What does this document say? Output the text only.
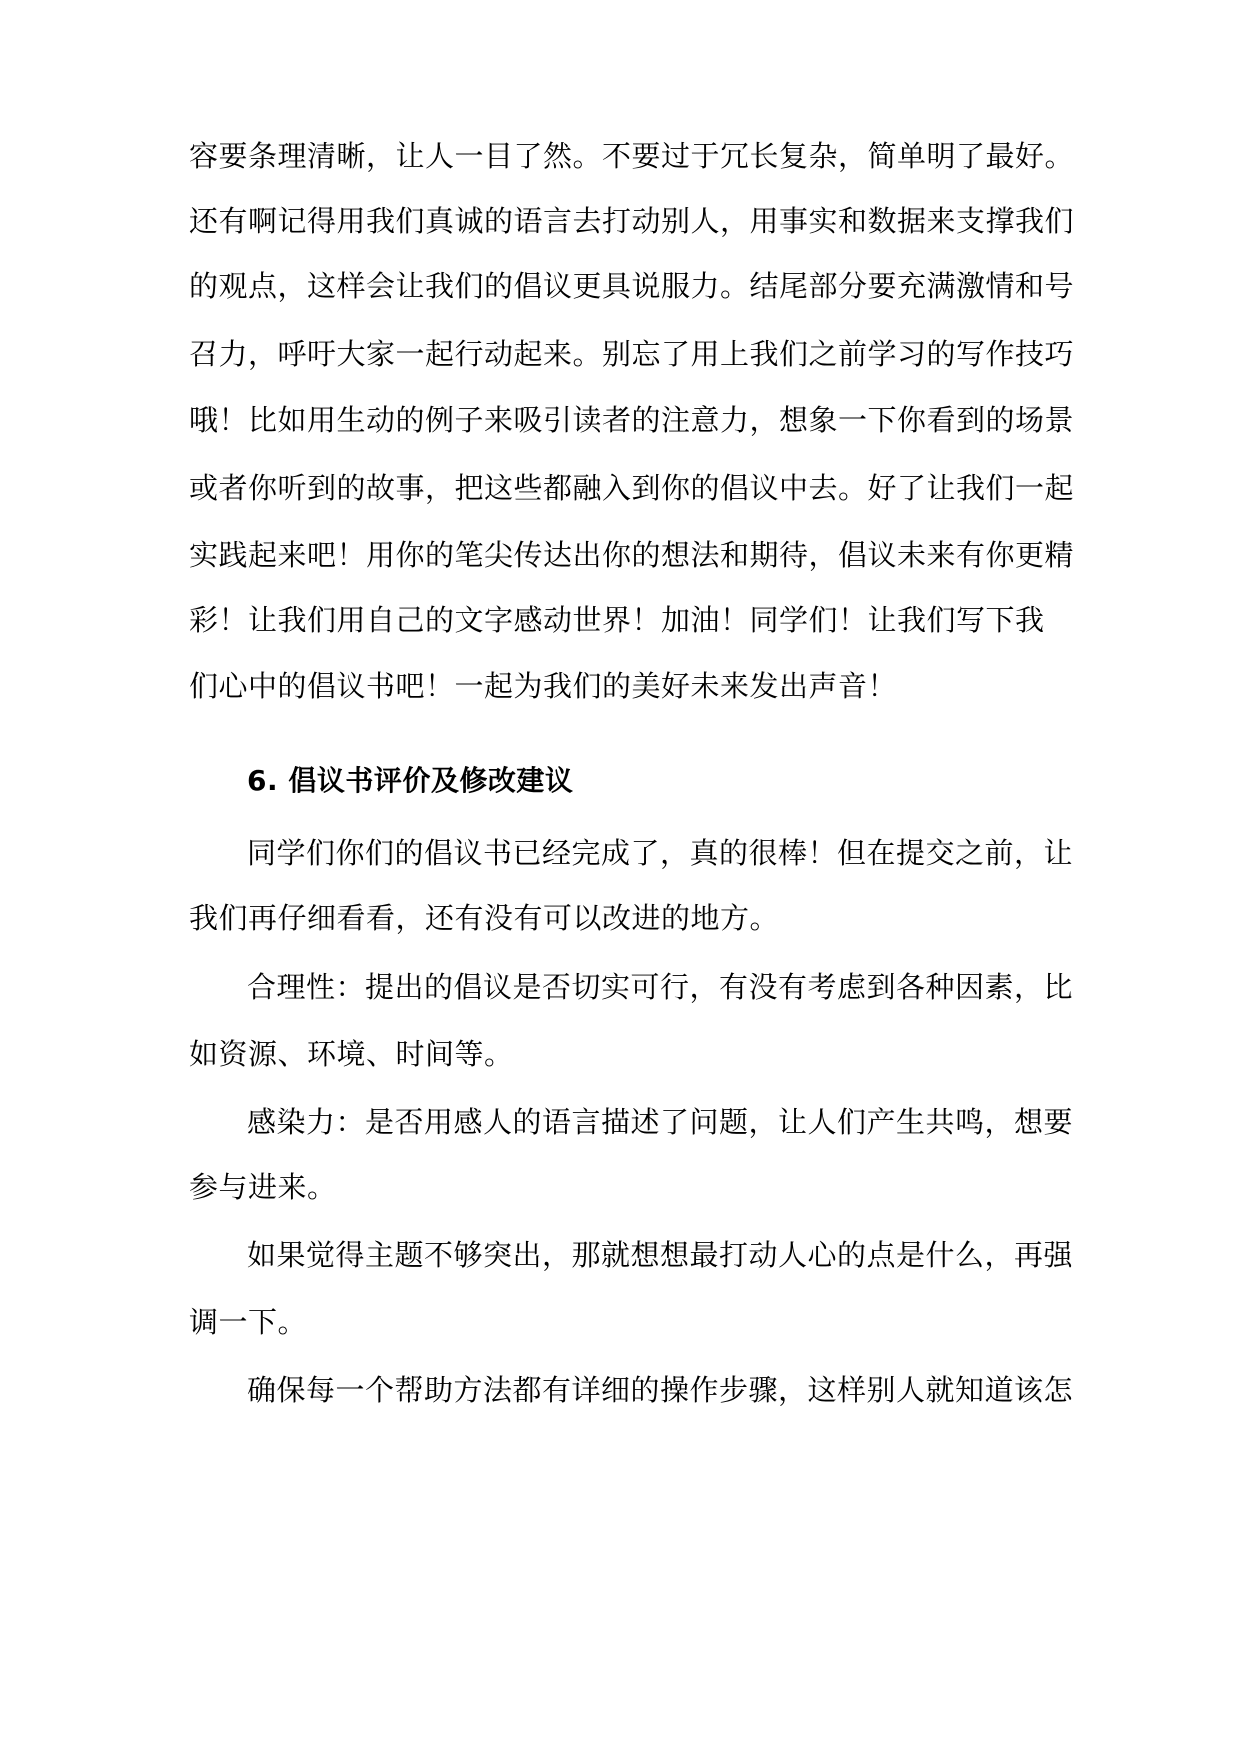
容要条理清晰，让人一目了然。不要过于冗长复杂，简单明了最好。
还有啊记得用我们真诚的语言去打动别人，用事实和数据来支撑我们
的观点，这样会让我们的倡议更具说服力。结尾部分要充满激情和号
召力，呼吁大家一起行动起来。别忘了用上我们之前学习的写作技巧
哦！比如用生动的例子来吸引读者的注意力，想象一下你看到的场景
或者你听到的故事，把这些都融入到你的倡议中去。好了让我们一起
实践起来吧！用你的笔尖传达出你的想法和期待，倡议未来有你更精
彩！让我们用自己的文字感动世界！加油！同学们！让我们写下我
们心中的倡议书吧！一起为我们的美好未来发出声音！
6. 倡议书评价及修改建议
同学们你们的倡议书已经完成了，真的很棒！但在提交之前，让
我们再仔细看看，还有没有可以改进的地方。
合理性：提出的倡议是否切实可行，有没有考虑到各种因素，比
如资源、环境、时间等。
感染力：是否用感人的语言描述了问题，让人们产生共鸣，想要
参与进来。
如果觉得主题不够突出，那就想想最打动人心的点是什么，再强
调一下。
确保每一个帮助方法都有详细的操作步骤，这样别人就知道该怎
